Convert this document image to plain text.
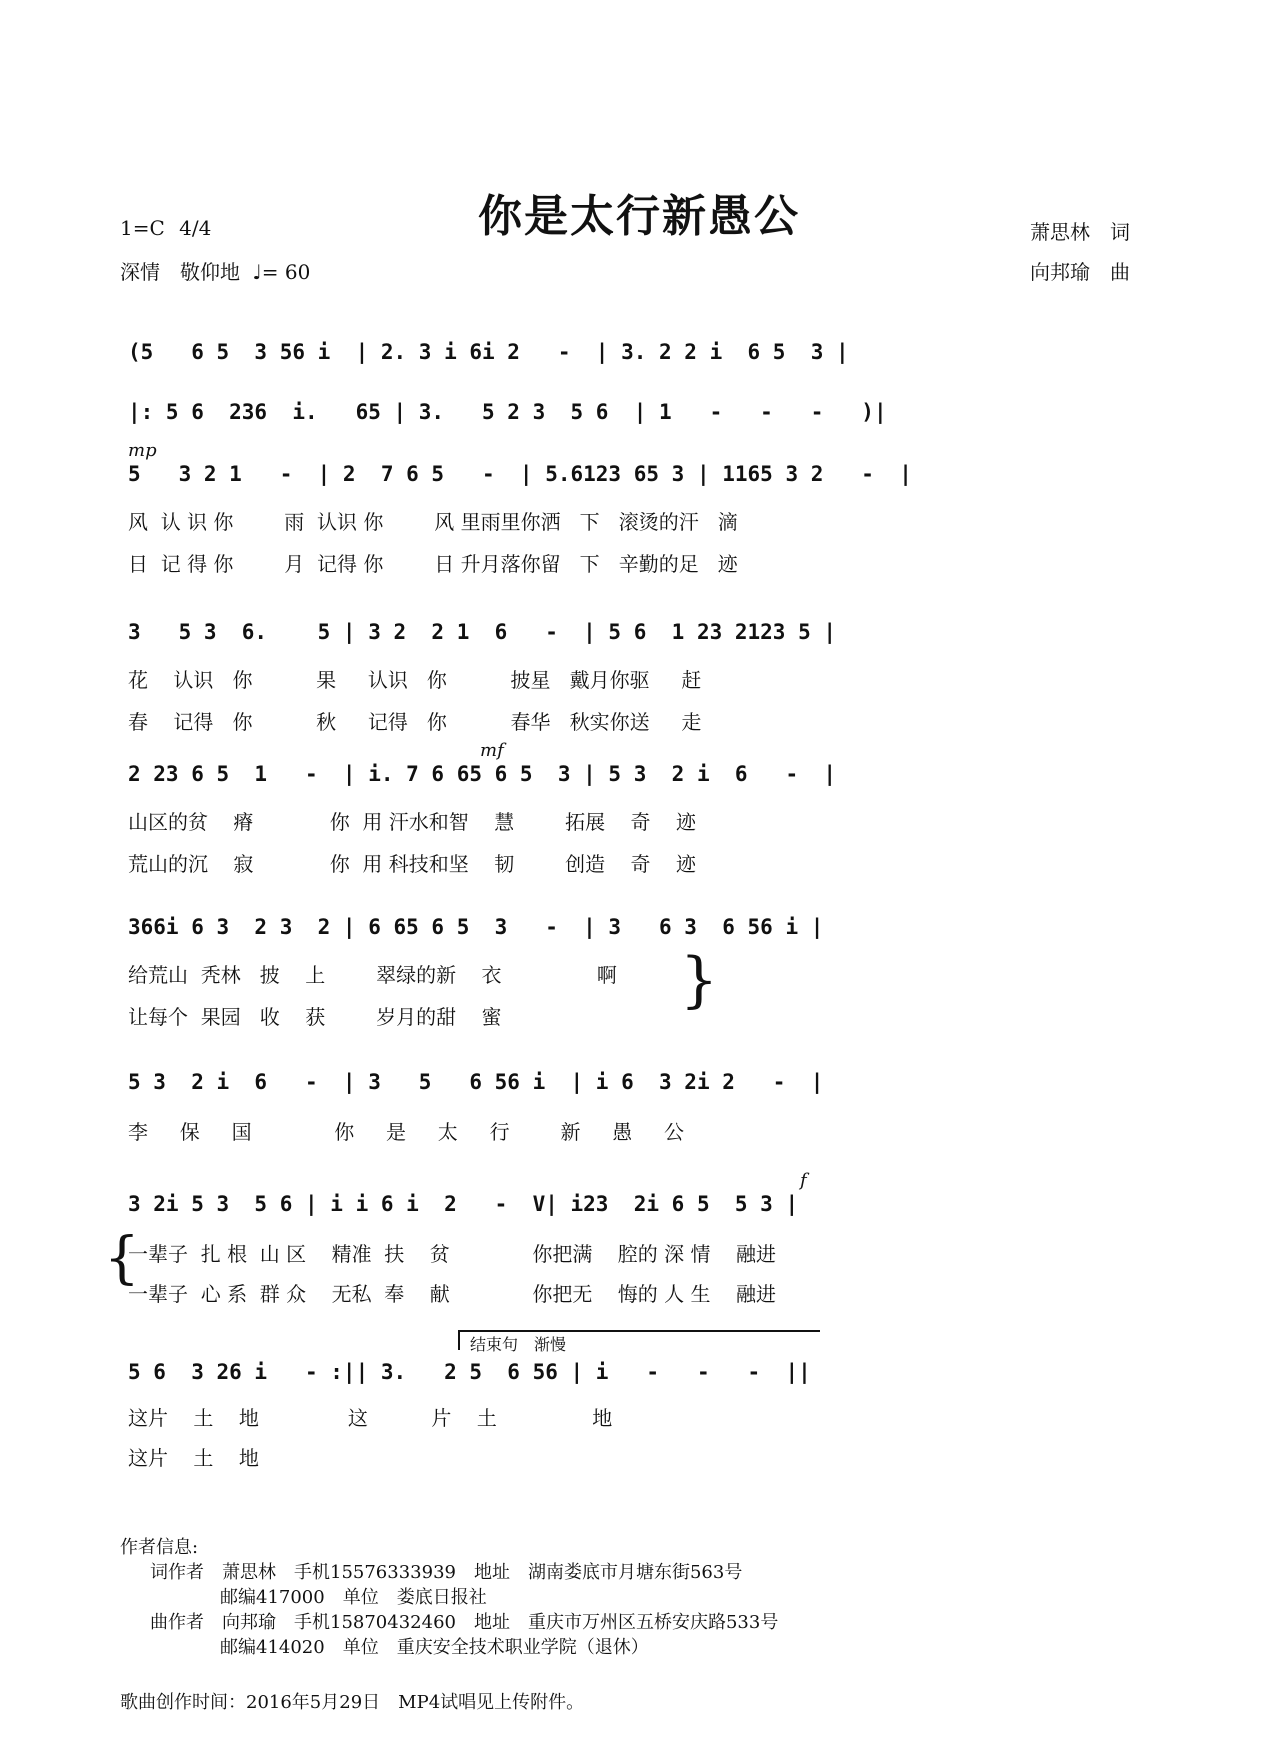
你是太行新愚公
1=C 4/4
深情　敬仰地 ♩= 60
萧思林　词
向邦瑜　曲
(5   6 5  3 56 i  | 2. 3 i 6i 2   -  | 3. 2 2 i  6 5  3 |
|: 5 6  236  i.   65 | 3.   5 2 3  5 6  | 1   -   -   -   )|
mp
5   3 2 1   -  | 2  7 6 5   -  | 5.6123 65 3 | 1165 3 2   -  |
风  认 识 你        雨  认识 你        风 里雨里你洒   下   滚烫的汗   滴
日  记 得 你        月  记得 你        日 升月落你留   下   辛勤的足   迹
3   5 3  6.    5 | 3 2  2 1  6   -  | 5 6  1 23 2123 5 |
花    认识   你          果     认识   你          披星   戴月你驱     赶
春    记得   你          秋     记得   你          春华   秋实你送     走
mf
2 23 6 5  1   -  | i. 7 6 65 6 5  3 | 5 3  2 i  6   -  |
山区的贫    瘠            你  用 汗水和智    慧        拓展    奇    迹
荒山的沉    寂            你  用 科技和坚    韧        创造    奇    迹
366i 6 3  2 3  2 | 6 65 6 5  3   -  | 3   6 3  6 56 i |
给荒山  秃林   披    上        翠绿的新    衣               啊
让每个  果园   收    获        岁月的甜    蜜
}
5 3  2 i  6   -  | 3   5   6 56 i  | i 6  3 2i 2   -  |
李     保     国             你     是     太     行        新     愚     公
f
3 2i 5 3  5 6 | i i 6 i  2   -  V| i23  2i 6 5  5 3 |
{
一辈子  扎 根  山 区    精准  扶    贫             你把满    腔的 深 情    融进
一辈子  心 系  群 众    无私  奉    献             你把无    悔的 人 生    融进
结束句　渐慢
5 6  3 26 i   - :|| 3.   2 5  6 56 | i   -   -   -  ||
这片    土    地              这          片    土               地
这片    土    地
作者信息:
词作者　萧思林　手机15576333939　地址　湖南娄底市月塘东街563号
邮编417000　单位　娄底日报社
曲作者　向邦瑜　手机15870432460　地址　重庆市万州区五桥安庆路533号
邮编414020　单位　重庆安全技术职业学院（退休）
歌曲创作时间：2016年5月29日　MP4试唱见上传附件。
